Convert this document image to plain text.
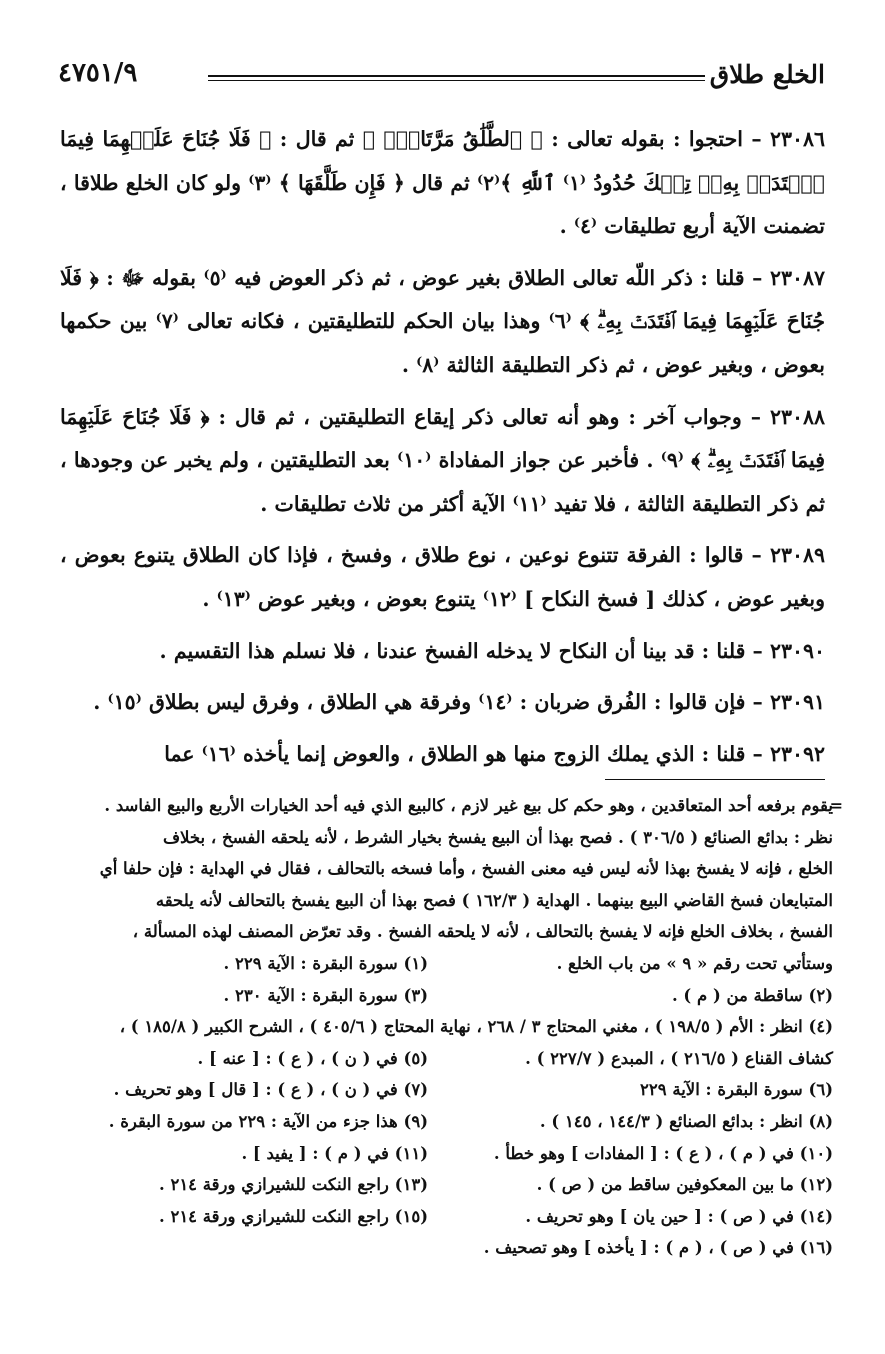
الخلع طلاق
٤٧٥١/٩

٢٣٠٨٦ – احتجوا : بقوله تعالى : ﴿ ٱلطَّلَٰقُ مَرَّتَانِۖ ﴾ ثم قال : ﴿ فَلَا جُنَاحَ عَلَيۡهِمَا فِيمَا ٱفۡتَدَتۡ بِهِۦۗ تِلۡكَ حُدُودُ ⁽١⁾ ٱللَّهِ ﴾⁽٢⁾ ثم قال ﴿ فَإِن طَلَّقَهَا ﴾ ⁽٣⁾ ولو كان الخلع طلاقا ، تضمنت الآية أربع تطليقات ⁽٤⁾ .

٢٣٠٨٧ – قلنا : ذكر اللّه تعالى الطلاق بغير عوض ، ثم ذكر العوض فيه ⁽٥⁾ بقوله ﷻ : ﴿ فَلَا جُنَاحَ عَلَيۡهِمَا فِيمَا ٱفۡتَدَتۡ بِهِۦۗ ﴾ ⁽٦⁾ وهذا بيان الحكم للتطليقتين ، فكانه تعالى ⁽٧⁾ بين حكمها بعوض ، وبغير عوض ، ثم ذكر التطليقة الثالثة ⁽٨⁾ .

٢٣٠٨٨ – وجواب آخر : وهو أنه تعالى ذكر إيقاع التطليقتين ، ثم قال : ﴿ فَلَا جُنَاحَ عَلَيۡهِمَا فِيمَا ٱفۡتَدَتۡ بِهِۦۗ ﴾ ⁽٩⁾ . فأخبر عن جواز المفاداة ⁽١٠⁾ بعد التطليقتين ، ولم يخبر عن وجودها ، ثم ذكر التطليقة الثالثة ، فلا تفيد ⁽١١⁾ الآية أكثر من ثلاث تطليقات .

٢٣٠٨٩ – قالوا : الفرقة تتنوع نوعين ، نوع طلاق ، وفسخ ، فإذا كان الطلاق يتنوع بعوض ، وبغير عوض ، كذلك [ فسخ النكاح ] ⁽١٢⁾ يتنوع بعوض ، وبغير عوض ⁽١٣⁾ .

٢٣٠٩٠ – قلنا : قد بينا أن النكاح لا يدخله الفسخ عندنا ، فلا نسلم هذا التقسيم .

٢٣٠٩١ – فإن قالوا : الفُرق ضربان : ⁽١٤⁾ وفرقة هي الطلاق ، وفرق ليس بطلاق ⁽١٥⁾ .

٢٣٠٩٢ – قلنا : الذي يملك الزوج منها هو الطلاق ، والعوض إنما يأخذه ⁽١٦⁾ عما

=
يقوم برفعه أحد المتعاقدين ، وهو حكم كل بيع غير لازم ، كالبيع الذي فيه أحد الخيارات الأربع والبيع الفاسد .
نظر : بدائع الصنائع ( ٣٠٦/٥ ) . فصح بهذا أن البيع يفسخ بخيار الشرط ، لأنه يلحقه الفسخ ، بخلاف
الخلع ، فإنه لا يفسخ بهذا لأنه ليس فيه معنى الفسخ ، وأما فسخه بالتحالف ، فقال في الهداية : فإن حلفا أي
المتبايعان فسخ القاضي البيع بينهما . الهداية ( ١٦٢/٣ ) فصح بهذا أن البيع يفسخ بالتحالف لأنه يلحقه
الفسخ ، بخلاف الخلع فإنه لا يفسخ بالتحالف ، لأنه لا يلحقه الفسخ . وقد تعرّض المصنف لهذه المسألة ،
وستأتي تحت رقم « ٩ » من باب الخلع .
(١) سورة البقرة : الآية ٢٢٩ .
(٢) ساقطة من ( م ) .
(٣) سورة البقرة : الآية ٢٣٠ .
(٤) انظر : الأم ( ١٩٨/٥ ) ، مغني المحتاج ٣ / ٢٦٨ ، نهاية المحتاج ( ٤٠٥/٦ ) ، الشرح الكبير ( ١٨٥/٨ ) ،
كشاف القناع ( ٢١٦/٥ ) ، المبدع ( ٢٢٧/٧ ) .
(٥) في ( ن ) ، ( ع ) : [ عنه ] .
(٦) سورة البقرة : الآية ٢٢٩
(٧) في ( ن ) ، ( ع ) : [ قال ] وهو تحريف .
(٨) انظر : بدائع الصنائع ( ١٤٤/٣ ، ١٤٥ ) .
(٩) هذا جزء من الآية : ٢٢٩ من سورة البقرة .
(١٠) في ( م ) ، ( ع ) : [ المفادات ] وهو خطأ .
(١١) في ( م ) : [ يفيد ] .
(١٢) ما بين المعكوفين ساقط من ( ص ) .
(١٣) راجع النكت للشيرازي ورقة ٢١٤ .
(١٤) في ( ص ) : [ حين يان ] وهو تحريف .
(١٥) راجع النكت للشيرازي ورقة ٢١٤ .
(١٦) في ( ص ) ، ( م ) : [ يأخذه ] وهو تصحيف .
